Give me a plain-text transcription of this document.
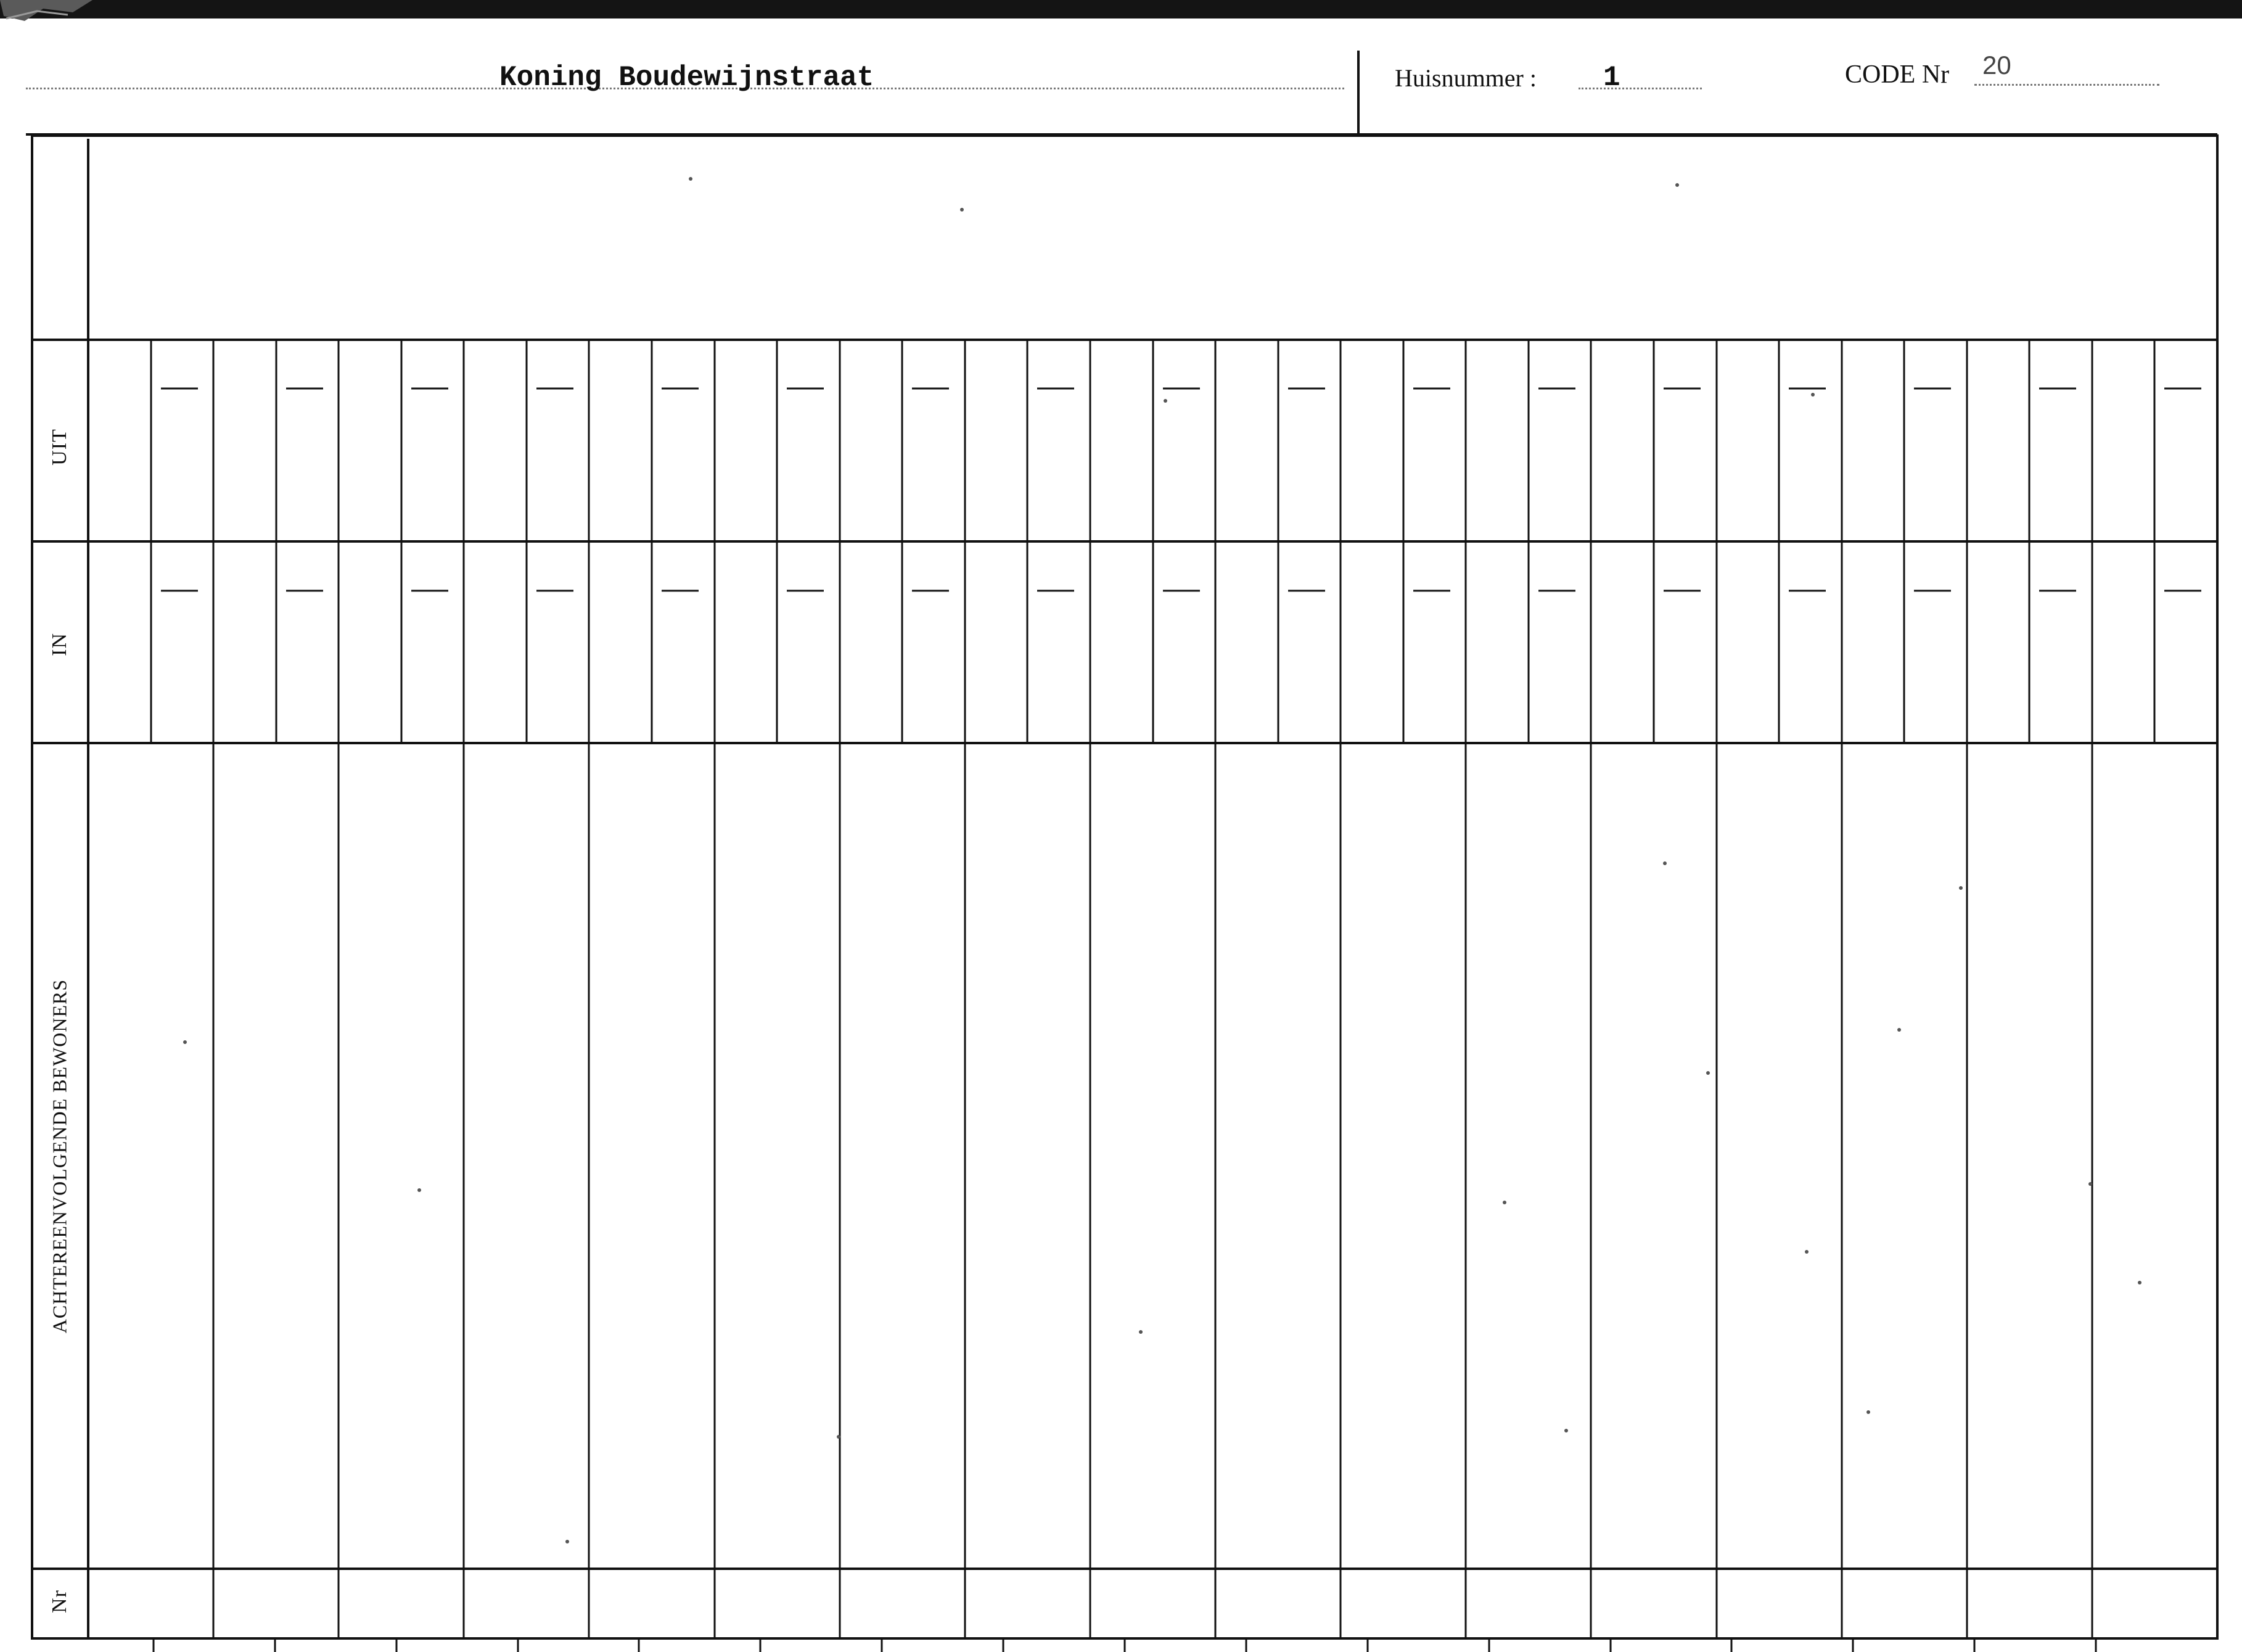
Koning Boudewijnstraat	Huisnummer : 1	CODE Nr 20
UIT
IN
ACHTEREENVOLGENDE BEWONERS
Nr
